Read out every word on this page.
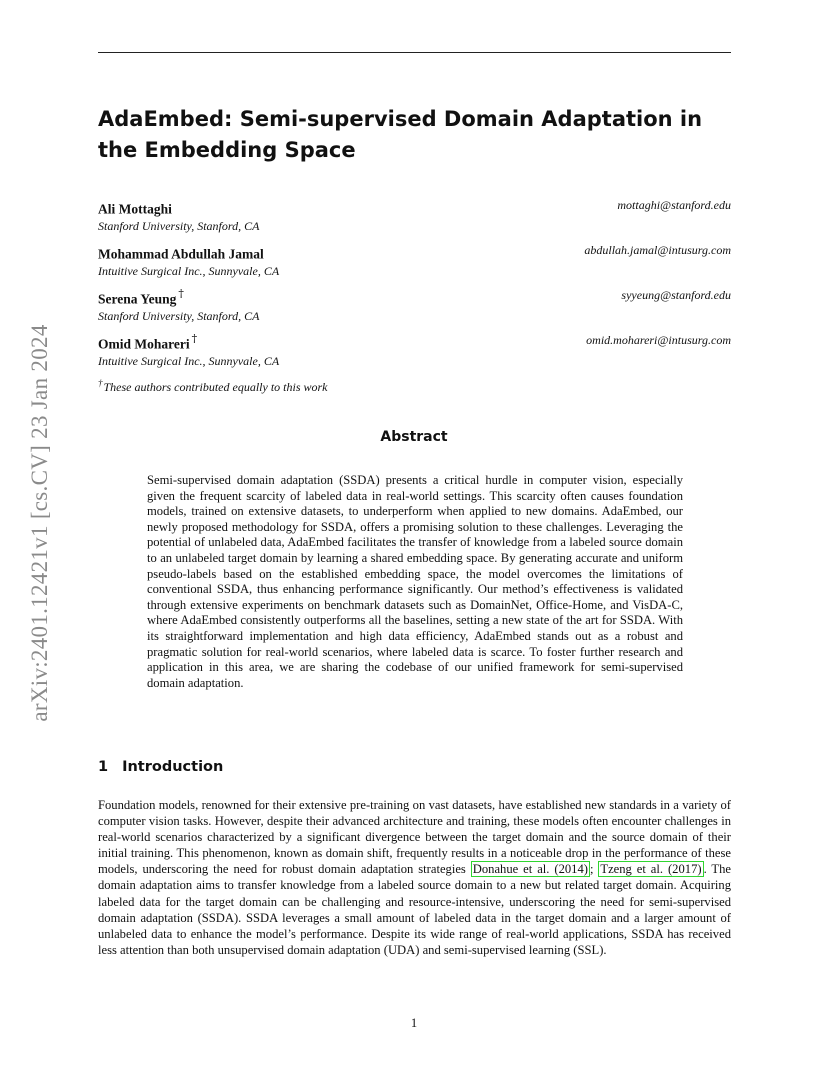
arXiv:2401.12421v1 [cs.CV] 23 Jan 2024
AdaEmbed: Semi-supervised Domain Adaptation in the Embedding Space
Ali Mottaghi
Stanford University, Stanford, CA
mottaghi@stanford.edu
Mohammad Abdullah Jamal
Intuitive Surgical Inc., Sunnyvale, CA
abdullah.jamal@intusurg.com
Serena Yeung †
Stanford University, Stanford, CA
syyeung@stanford.edu
Omid Mohareri †
Intuitive Surgical Inc., Sunnyvale, CA
omid.mohareri@intusurg.com
†These authors contributed equally to this work
Abstract

Semi-supervised domain adaptation (SSDA) presents a critical hurdle in computer vision, especially given the frequent scarcity of labeled data in real-world settings. This scarcity often causes foundation models, trained on extensive datasets, to underperform when applied to new domains. AdaEmbed, our newly proposed methodology for SSDA, offers a promising solution to these challenges. Leveraging the potential of unlabeled data, AdaEmbed facilitates the transfer of knowledge from a labeled source domain to an unlabeled target domain by learning a shared embedding space. By generating accurate and uniform pseudo-labels based on the established embedding space, the model overcomes the limitations of conventional SSDA, thus enhancing performance significantly. Our method’s effectiveness is validated through extensive experiments on benchmark datasets such as DomainNet, Office-Home, and VisDA-C, where AdaEmbed consistently outperforms all the baselines, setting a new state of the art for SSDA. With its straightforward implementation and high data efficiency, AdaEmbed stands out as a robust and pragmatic solution for real-world scenarios, where labeled data is scarce. To foster further research and application in this area, we are sharing the codebase of our unified framework for semi-supervised domain adaptation.

1 Introduction

Foundation models, renowned for their extensive pre-training on vast datasets, have established new standards in a variety of computer vision tasks. However, despite their advanced architecture and training, these models often encounter challenges in real-world scenarios characterized by a significant divergence between the target domain and the source domain of their initial training. This phenomenon, known as domain shift, frequently results in a noticeable drop in the performance of these models, underscoring the need for robust domain adaptation strategies Donahue et al. (2014) ; Tzeng et al. (2017) . The domain adaptation aims to transfer knowledge from a labeled source domain to a new but related target domain. Acquiring labeled data for the target domain can be challenging and resource-intensive, underscoring the need for semi-supervised domain adaptation (SSDA). SSDA leverages a small amount of labeled data in the target domain and a larger amount of unlabeled data to enhance the model’s performance. Despite its wide range of real-world applications, SSDA has received less attention than both unsupervised domain adaptation (UDA) and semi-supervised learning (SSL).

1
